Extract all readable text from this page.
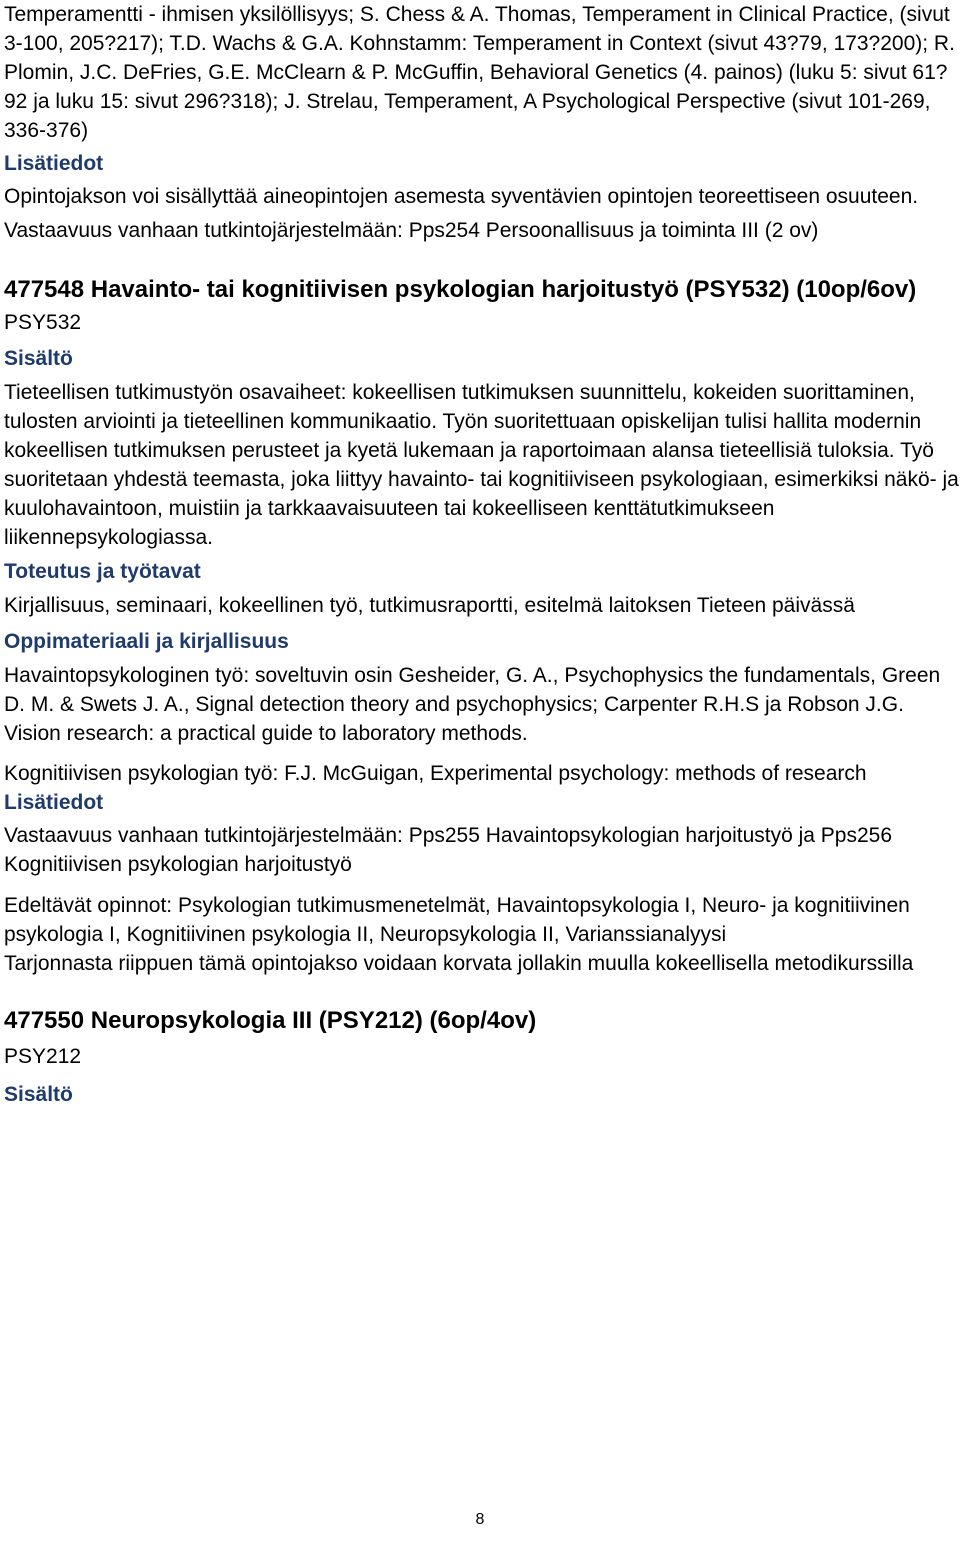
Temperamentti - ihmisen yksilöllisyys; S. Chess & A. Thomas, Temperament in Clinical Practice, (sivut 3-100, 205?217); T.D. Wachs & G.A. Kohnstamm: Temperament in Context (sivut 43?79, 173?200); R. Plomin, J.C. DeFries, G.E. McClearn & P. McGuffin, Behavioral Genetics (4. painos) (luku 5: sivut 61?92 ja luku 15: sivut 296?318); J. Strelau, Temperament, A Psychological Perspective (sivut 101-269, 336-376)

Lisätiedot

Opintojakson voi sisällyttää aineopintojen asemesta syventävien opintojen teoreettiseen osuuteen.

Vastaavuus vanhaan tutkintojärjestelmään: Pps254 Persoonallisuus ja toiminta III (2 ov)

477548 Havainto- tai kognitiivisen psykologian harjoitustyö (PSY532) (10op/6ov)

PSY532

Sisältö

Tieteellisen tutkimustyön osavaiheet: kokeellisen tutkimuksen suunnittelu, kokeiden suorittaminen, tulosten arviointi ja tieteellinen kommunikaatio. Työn suoritettuaan opiskelijan tulisi hallita modernin kokeellisen tutkimuksen perusteet ja kyetä lukemaan ja raportoimaan alansa tieteellisiä tuloksia. Työ suoritetaan yhdestä teemasta, joka liittyy havainto- tai kognitiiviseen psykologiaan, esimerkiksi näkö- ja kuulohavaintoon, muistiin ja tarkkaavaisuuteen tai kokeelliseen kenttätutkimukseen liikennepsykologiassa.

Toteutus ja työtavat

Kirjallisuus, seminaari, kokeellinen työ, tutkimusraportti, esitelmä laitoksen Tieteen päivässä

Oppimateriaali ja kirjallisuus

Havaintopsykologinen työ: soveltuvin osin Gesheider, G. A., Psychophysics the fundamentals, Green D. M. & Swets J. A., Signal detection theory and psychophysics; Carpenter R.H.S ja Robson J.G. Vision research: a practical guide to laboratory methods.

Kognitiivisen psykologian työ: F.J. McGuigan, Experimental psychology: methods of research

Lisätiedot

Vastaavuus vanhaan tutkintojärjestelmään: Pps255 Havaintopsykologian harjoitustyö ja Pps256 Kognitiivisen psykologian harjoitustyö

Edeltävät opinnot: Psykologian tutkimusmenetelmät, Havaintopsykologia I, Neuro- ja kognitiivinen psykologia I, Kognitiivinen psykologia II, Neuropsykologia II, Varianssianalyysi

Tarjonnasta riippuen tämä opintojakso voidaan korvata jollakin muulla kokeellisella metodikurssilla

477550 Neuropsykologia III (PSY212) (6op/4ov)

PSY212

Sisältö

8
